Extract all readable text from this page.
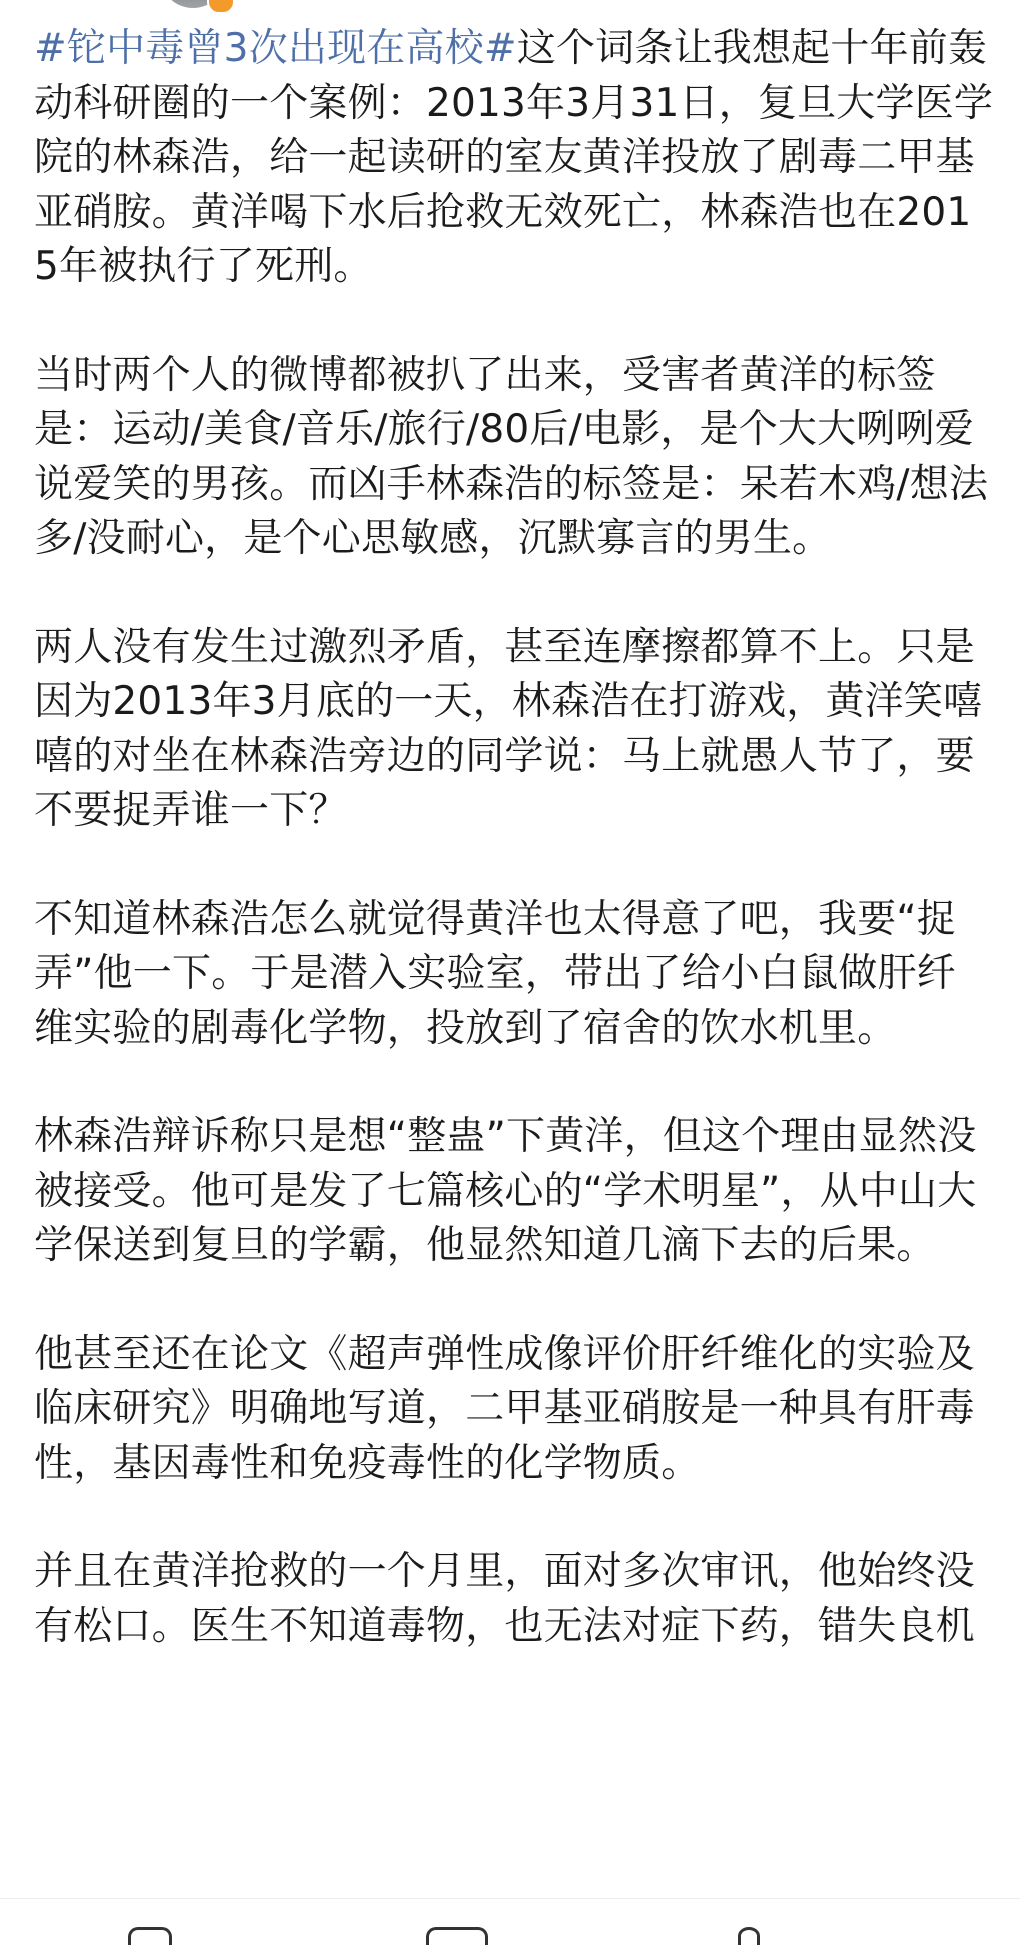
#铊中毒曾3次出现在高校#这个词条让我想起十年前轰动科研圈的一个案例：2013年3月31日，复旦大学医学院的林森浩，给一起读研的室友黄洋投放了剧毒二甲基亚硝胺。黄洋喝下水后抢救无效死亡，林森浩也在2015年被执行了死刑。

当时两个人的微博都被扒了出来，受害者黄洋的标签是：运动/美食/音乐/旅行/80后/电影，是个大大咧咧爱说爱笑的男孩。而凶手林森浩的标签是：呆若木鸡/想法多/没耐心，是个心思敏感，沉默寡言的男生。

两人没有发生过激烈矛盾，甚至连摩擦都算不上。只是因为2013年3月底的一天，林森浩在打游戏，黄洋笑嘻嘻的对坐在林森浩旁边的同学说：马上就愚人节了，要不要捉弄谁一下？

不知道林森浩怎么就觉得黄洋也太得意了吧，我要“捉弄”他一下。于是潜入实验室，带出了给小白鼠做肝纤维实验的剧毒化学物，投放到了宿舍的饮水机里。

林森浩辩诉称只是想“整蛊”下黄洋，但这个理由显然没被接受。他可是发了七篇核心的“学术明星”，从中山大学保送到复旦的学霸，他显然知道几滴下去的后果。

他甚至还在论文《超声弹性成像评价肝纤维化的实验及临床研究》明确地写道，二甲基亚硝胺是一种具有肝毒性，基因毒性和免疫毒性的化学物质。

并且在黄洋抢救的一个月里，面对多次审讯，他始终没有松口。医生不知道毒物，也无法对症下药，错失良机
